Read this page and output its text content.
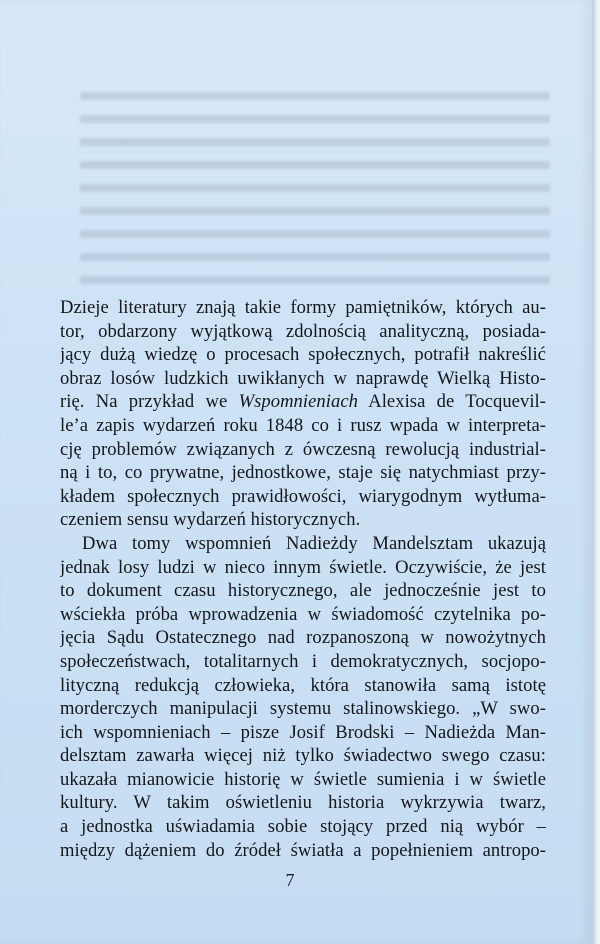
Dzieje literatury znają takie formy pamiętników, których au-
tor, obdarzony wyjątkową zdolnością analityczną, posiada-
jący dużą wiedzę o procesach społecznych, potrafił nakreślić
obraz losów ludzkich uwikłanych w naprawdę Wielką Histo-
rię. Na przykład we Wspomnieniach Alexisa de Tocquevil-
le’a zapis wydarzeń roku 1848 co i rusz wpada w interpreta-
cję problemów związanych z ówczesną rewolucją industrial-
ną i to, co prywatne, jednostkowe, staje się natychmiast przy-
kładem społecznych prawidłowości, wiarygodnym wytłuma-
czeniem sensu wydarzeń historycznych.
Dwa tomy wspomnień Nadieżdy Mandelsztam ukazują
jednak losy ludzi w nieco innym świetle. Oczywiście, że jest
to dokument czasu historycznego, ale jednocześnie jest to
wściekła próba wprowadzenia w świadomość czytelnika po-
jęcia Sądu Ostatecznego nad rozpanoszoną w nowożytnych
społeczeństwach, totalitarnych i demokratycznych, socjopo-
lityczną redukcją człowieka, która stanowiła samą istotę
morderczych manipulacji systemu stalinowskiego. „W swo-
ich wspomnieniach – pisze Josif Brodski – Nadieżda Man-
delsztam zawarła więcej niż tylko świadectwo swego czasu:
ukazała mianowicie historię w świetle sumienia i w świetle
kultury. W takim oświetleniu historia wykrzywia twarz,
a jednostka uświadamia sobie stojący przed nią wybór –
między dążeniem do źródeł światła a popełnieniem antropo-
7
